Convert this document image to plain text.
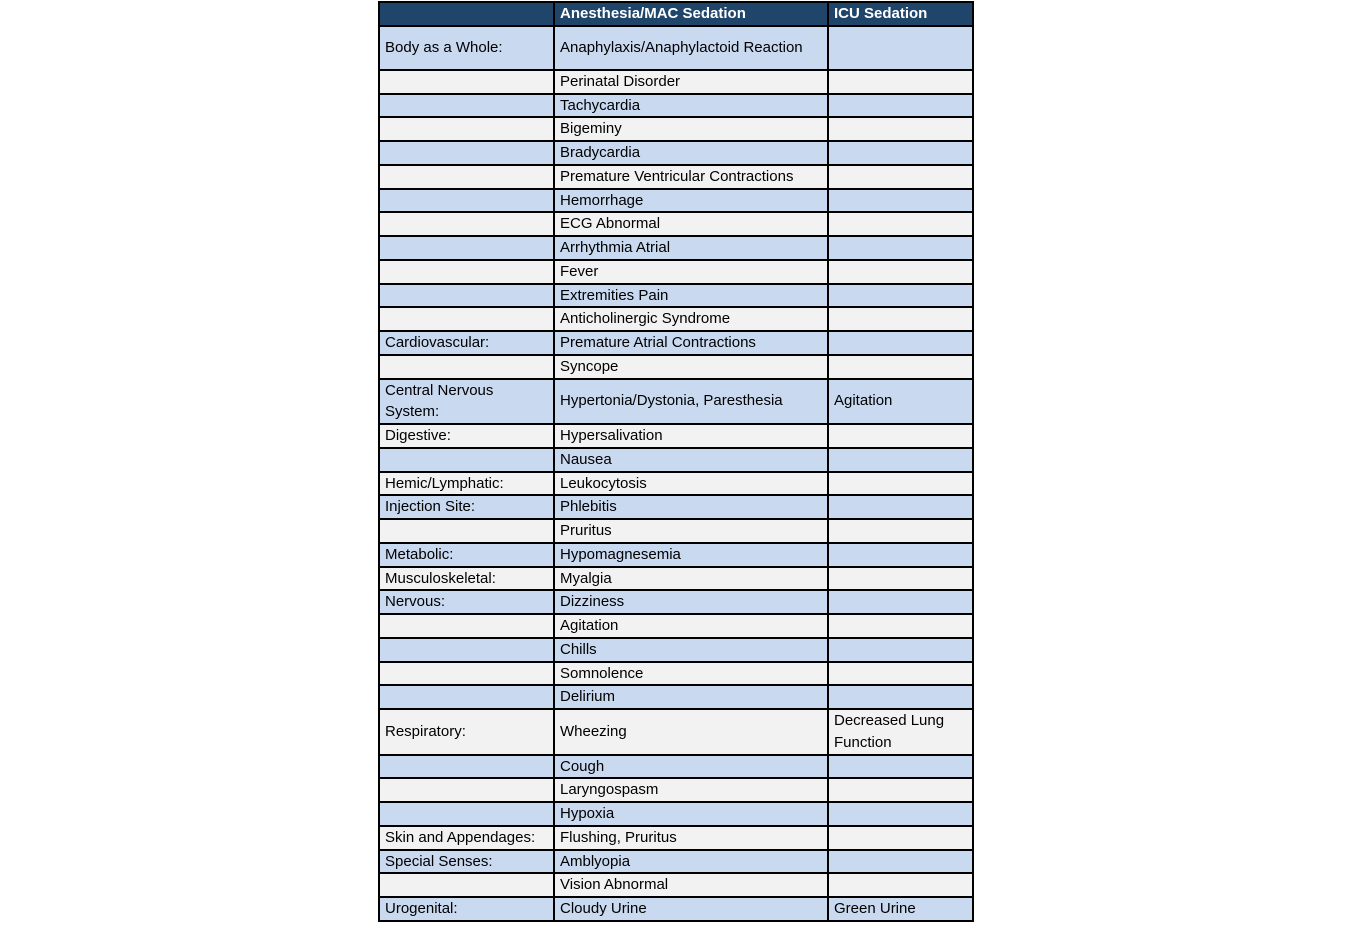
	Anesthesia/MAC Sedation	ICU Sedation
Body as a Whole:	Anaphylaxis/Anaphylactoid Reaction	
	Perinatal Disorder	
	Tachycardia	
	Bigeminy	
	Bradycardia	
	Premature Ventricular Contractions	
	Hemorrhage	
	ECG Abnormal	
	Arrhythmia Atrial	
	Fever	
	Extremities Pain	
	Anticholinergic Syndrome	
Cardiovascular:	Premature Atrial Contractions	
	Syncope	
Central Nervous System:	Hypertonia/Dystonia, Paresthesia	Agitation
Digestive:	Hypersalivation	
	Nausea	
Hemic/Lymphatic:	Leukocytosis	
Injection Site:	Phlebitis	
	Pruritus	
Metabolic:	Hypomagnesemia	
Musculoskeletal:	Myalgia	
Nervous:	Dizziness	
	Agitation	
	Chills	
	Somnolence	
	Delirium	
Respiratory:	Wheezing	Decreased Lung Function
	Cough	
	Laryngospasm	
	Hypoxia	
Skin and Appendages:	Flushing, Pruritus	
Special Senses:	Amblyopia	
	Vision Abnormal	
Urogenital:	Cloudy Urine	Green Urine
